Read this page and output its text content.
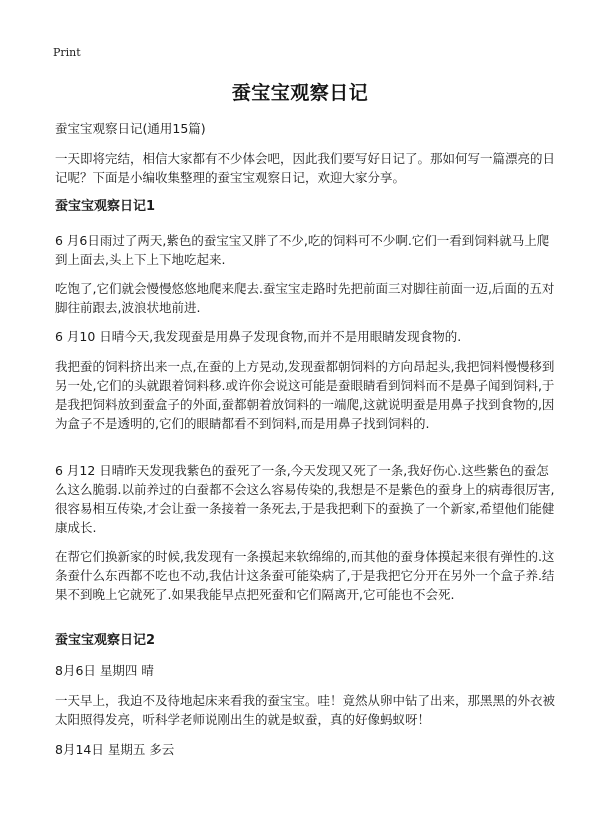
Print
蚕宝宝观察日记
蚕宝宝观察日记(通用15篇)
一天即将完结，相信大家都有不少体会吧，因此我们要写好日记了。那如何写一篇漂亮的日记呢？下面是小编收集整理的蚕宝宝观察日记，欢迎大家分享。
蚕宝宝观察日记1
6 月6日雨过了两天,紫色的蚕宝宝又胖了不少,吃的饲料可不少啊.它们一看到饲料就马上爬到上面去,头上下上下地吃起来.
吃饱了,它们就会慢慢悠悠地爬来爬去.蚕宝宝走路时先把前面三对脚往前面一迈,后面的五对脚往前跟去,波浪状地前进.
6 月10 日晴今天,我发现蚕是用鼻子发现食物,而并不是用眼睛发现食物的.
我把蚕的饲料挤出来一点,在蚕的上方晃动,发现蚕都朝饲料的方向昂起头,我把饲料慢慢移到另一处,它们的头就跟着饲料移.或许你会说这可能是蚕眼睛看到饲料而不是鼻子闻到饲料,于是我把饲料放到蚕盒子的外面,蚕都朝着放饲料的一端爬,这就说明蚕是用鼻子找到食物的,因为盒子不是透明的,它们的眼睛都看不到饲料,而是用鼻子找到饲料的.
6 月12 日晴昨天发现我紫色的蚕死了一条,今天发现又死了一条,我好伤心.这些紫色的蚕怎么这么脆弱.以前养过的白蚕都不会这么容易传染的,我想是不是紫色的蚕身上的病毒很厉害,很容易相互传染,才会让蚕一条接着一条死去,于是我把剩下的蚕换了一个新家,希望他们能健康成长.
在帮它们换新家的时候,我发现有一条摸起来软绵绵的,而其他的蚕身体摸起来很有弹性的.这条蚕什么东西都不吃也不动,我估计这条蚕可能染病了,于是我把它分开在另外一个盒子养.结果不到晚上它就死了.如果我能早点把死蚕和它们隔离开,它可能也不会死.
蚕宝宝观察日记2
8月6日 星期四 晴
一天早上，我迫不及待地起床来看我的蚕宝宝。哇！竟然从卵中钻了出来，那黑黑的外衣被太阳照得发亮，听科学老师说刚出生的就是蚁蚕，真的好像蚂蚁呀！
8月14日 星期五 多云
